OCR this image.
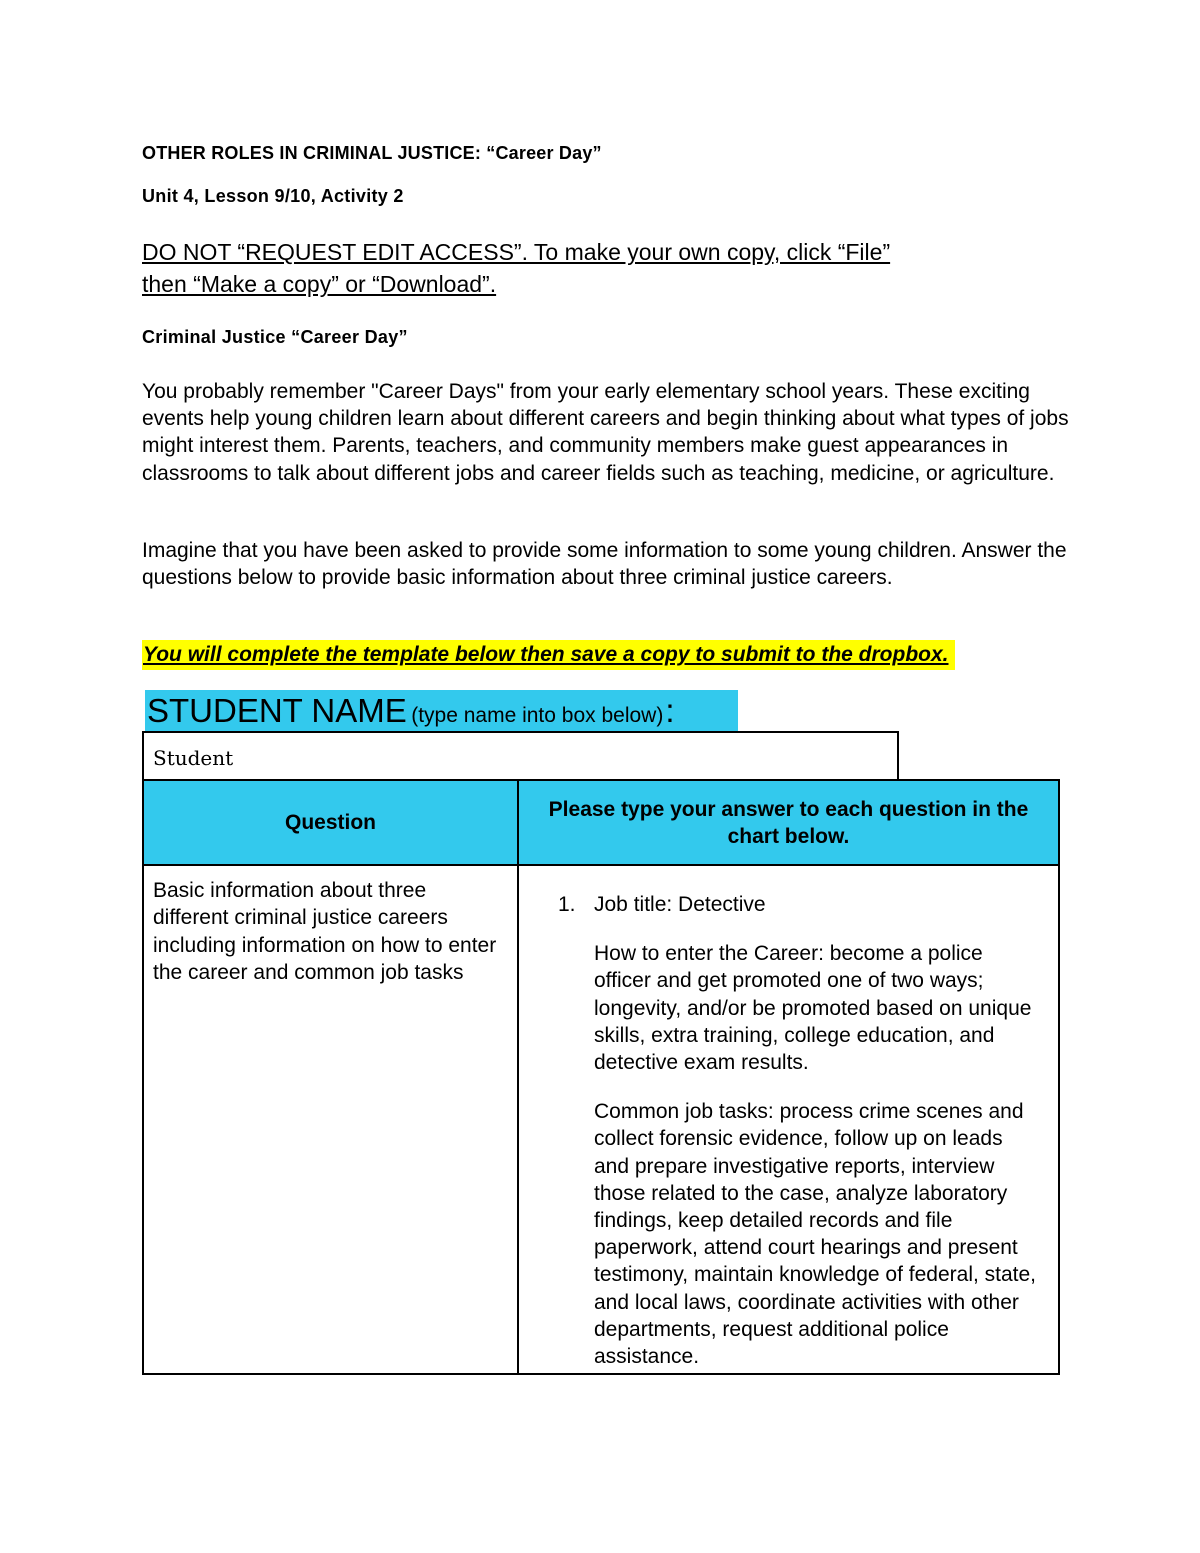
OTHER ROLES IN CRIMINAL JUSTICE: “Career Day”
Unit 4, Lesson 9/10, Activity 2
DO NOT “REQUEST EDIT ACCESS”. To make your own copy, click “File”
then “Make a copy” or “Download”.
Criminal Justice “Career Day”
You probably remember "Career Days" from your early elementary school years. These exciting events help young children learn about different careers and begin thinking about what types of jobs might interest them. Parents, teachers, and community members make guest appearances in classrooms to talk about different jobs and career fields such as teaching, medicine, or agriculture.
Imagine that you have been asked to provide some information to some young children. Answer the questions below to provide basic information about three criminal justice careers.
You will complete the template below then save a copy to submit to the dropbox.
STUDENT NAME (type name into box below):
Student
Question	Please type your answer to each question in the chart below.

Basic information about three different criminal justice careers including information on how to enter the career and common job tasks	1. Job title: Detective
How to enter the Career: become a police officer and get promoted one of two ways; longevity, and/or be promoted based on unique skills, extra training, college education, and detective exam results.
Common job tasks: process crime scenes and collect forensic evidence, follow up on leads and prepare investigative reports, interview those related to the case, analyze laboratory findings, keep detailed records and file paperwork, attend court hearings and present testimony, maintain knowledge of federal, state, and local laws, coordinate activities with other departments, request additional police assistance.
